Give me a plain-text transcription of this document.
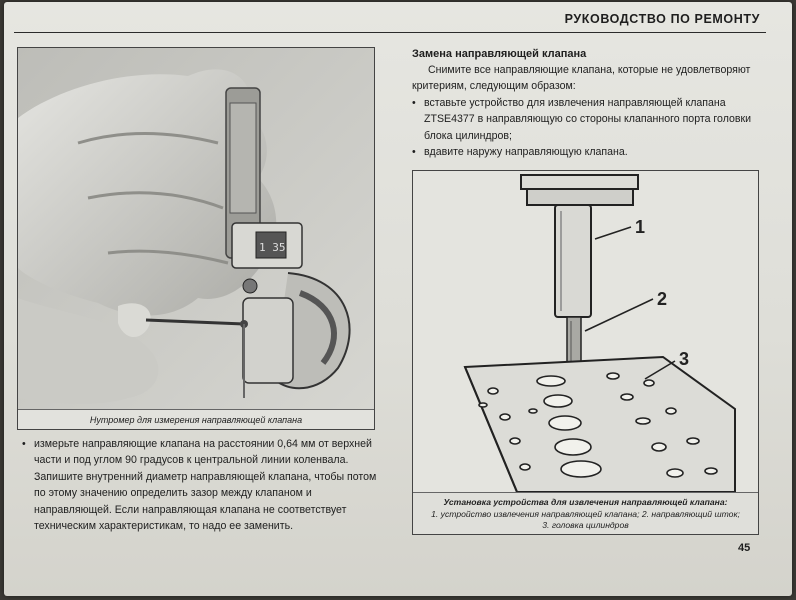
РУКОВОДСТВО ПО РЕМОНТУ
1 35
Нутромер для измерения направляющей клапана
• измерьте направляющие клапана на расстоянии 0,64 мм от верхней части и под углом 90 градусов к центральной линии коленвала. Запишите внутренний диаметр направляющей клапана, чтобы потом по этому значению определить зазор между клапаном и направляющей. Если направляющая клапана не соответствует техническим характеристикам, то надо ее заменить.
Замена направляющей клапана
Снимите все направляющие клапана, которые не удовлетворяют критериям, следующим образом:
• вставьте устройство для извлечения направляющей клапана ZTSE4377 в направляющую со стороны клапанного порта головки блока цилиндров;
• вдавите наружу направляющую клапана.
1
2
3
Установка устройства для извлечения направляющей клапана:
1. устройство извлечения направляющей клапана; 2. направляющий шток;
3. головка цилиндров
45
